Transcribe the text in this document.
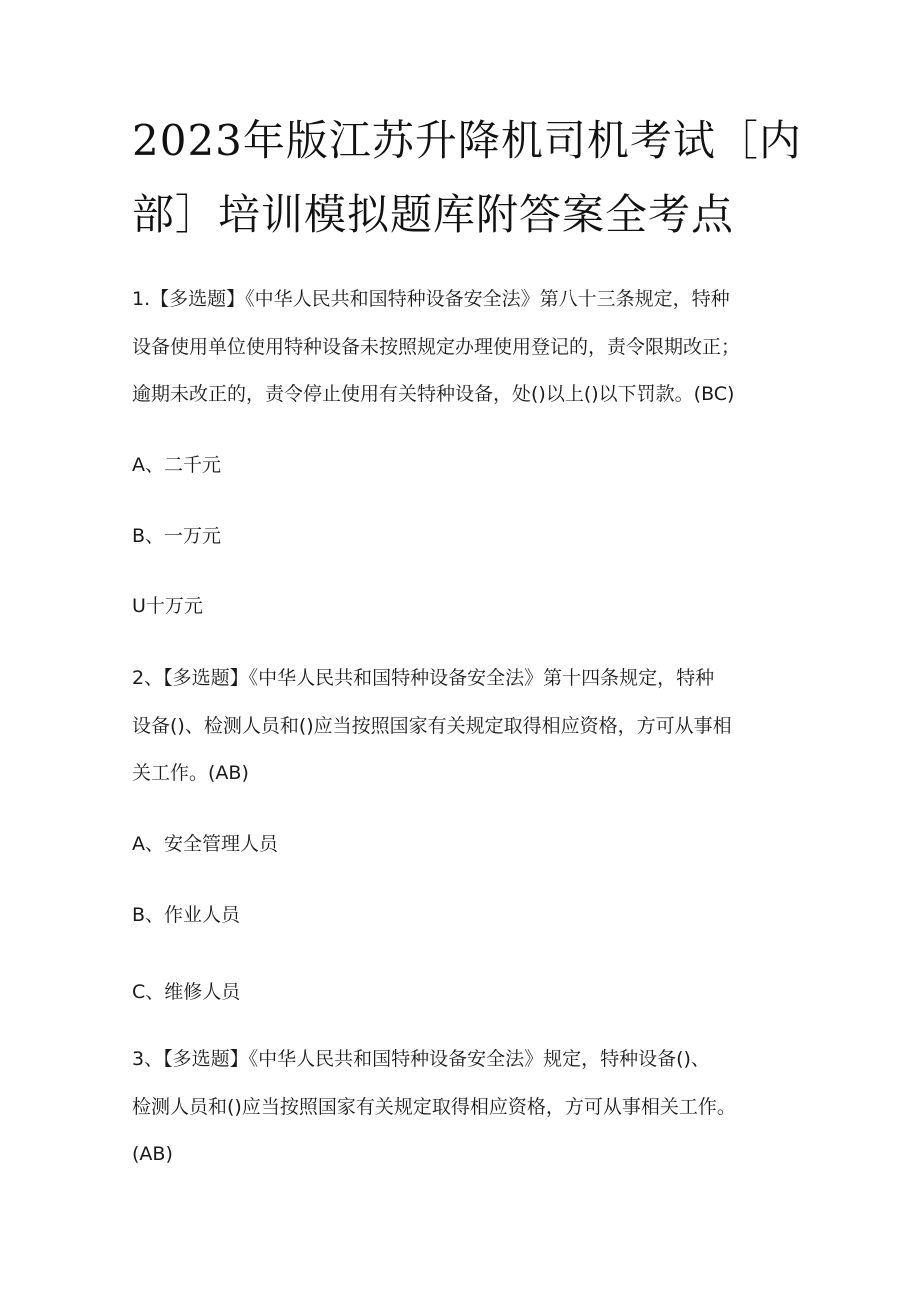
2023年版江苏升降机司机考试［内
部］培训模拟题库附答案全考点
1.【多选题】《中华人民共和国特种设备安全法》第八十三条规定，特种
设备使用单位使用特种设备未按照规定办理使用登记的，责令限期改正；
逾期未改正的，责令停止使用有关特种设备，处()以上()以下罚款。(BC)
A、二千元
B、一万元
U十万元
2、【多选题】《中华人民共和国特种设备安全法》第十四条规定，特种
设备()、检测人员和()应当按照国家有关规定取得相应资格，方可从事相
关工作。(AB)
A、安全管理人员
B、作业人员
C、维修人员
3、【多选题】《中华人民共和国特种设备安全法》规定，特种设备()、
检测人员和()应当按照国家有关规定取得相应资格，方可从事相关工作。
(AB)
